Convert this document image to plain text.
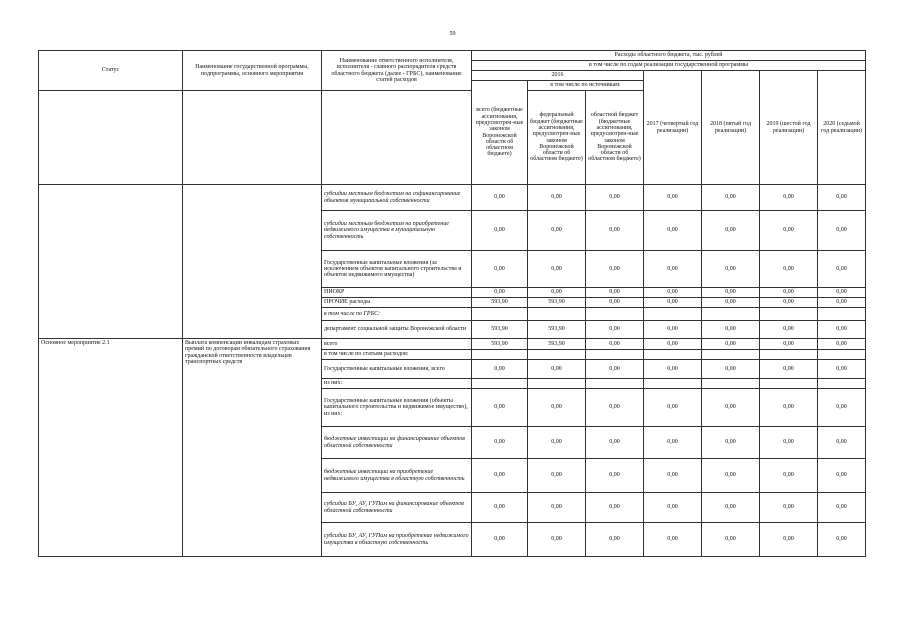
59
Статус	Наименование государственной программы, подпрограммы, основного мероприятия	Наименование ответственного исполнителя, исполнителя - главного распорядителя средств областного бюджета (далее - ГРБС), наименование статей расходов	Расходы областного бюджета, тыс. рублей						
			в том числе по годам реализации государственной программы						
			2016			2017 (четвертый год реализации)	2018 (пятый год реализации)	2019 (шестой год реализации)	2020 (седьмой год реализации)
			всего (бюджетные ассигнования, предусмотрен-ные законом Воронежской области об областном бюджете)	в том числе по источникам:					
				федеральный бюджет (бюджетные ассигнования, предусмотрен-ные законом Воронежской области об областном бюджете)	областной бюджет (бюджетные ассигнования, предусмотрен-ные законом Воронежской области об областном бюджете)				
		субсидии местным бюджетам на софинансирование объектов муниципальной собственности	0,00	0,00	0,00	0,00	0,00	0,00	0,00
		субсидии местным бюджетам на приобретение недвижимого имущества в муниципальную собственность	0,00	0,00	0,00	0,00	0,00	0,00	0,00
		Государственные капитальные вложения (за исключением объектов капитального строительства и объектов недвижимого имущества)	0,00	0,00	0,00	0,00	0,00	0,00	0,00
		НИОКР	0,00	0,00	0,00	0,00	0,00	0,00	0,00
		ПРОЧИЕ расходы	593,90	593,90	0,00	0,00	0,00	0,00	0,00
		в том числе по ГРБС:							
		департамент социальной защиты Воронежской области	593,90	593,90	0,00	0,00	0,00	0,00	0,00
Основное мероприятие 2.1	Выплата компенсации инвалидам страховых премий по договорам обязательного страхования гражданской ответственности владельцев транспортных средств	всего	593,90	593,90	0,00	0,00	0,00	0,00	0,00
		в том числе по статьям расходов:							
		Государственные капитальные вложения, всего	0,00	0,00	0,00	0,00	0,00	0,00	0,00
		из них:							
		Государственные капитальные вложения (объекты капитального строительства и недвижимое имущество), из них:	0,00	0,00	0,00	0,00	0,00	0,00	0,00
		бюджетные инвестиции на финансирование объектов областной собственности	0,00	0,00	0,00	0,00	0,00	0,00	0,00
		бюджетные инвестиции на приобретение недвижимого имущества в областную собственность	0,00	0,00	0,00	0,00	0,00	0,00	0,00
		субсидии БУ, АУ, ГУПам на финансирование объектов областной собственности	0,00	0,00	0,00	0,00	0,00	0,00	0,00
		субсидии БУ, АУ, ГУПам на приобретение недвижимого имущества в областную собственность	0,00	0,00	0,00	0,00	0,00	0,00	0,00
